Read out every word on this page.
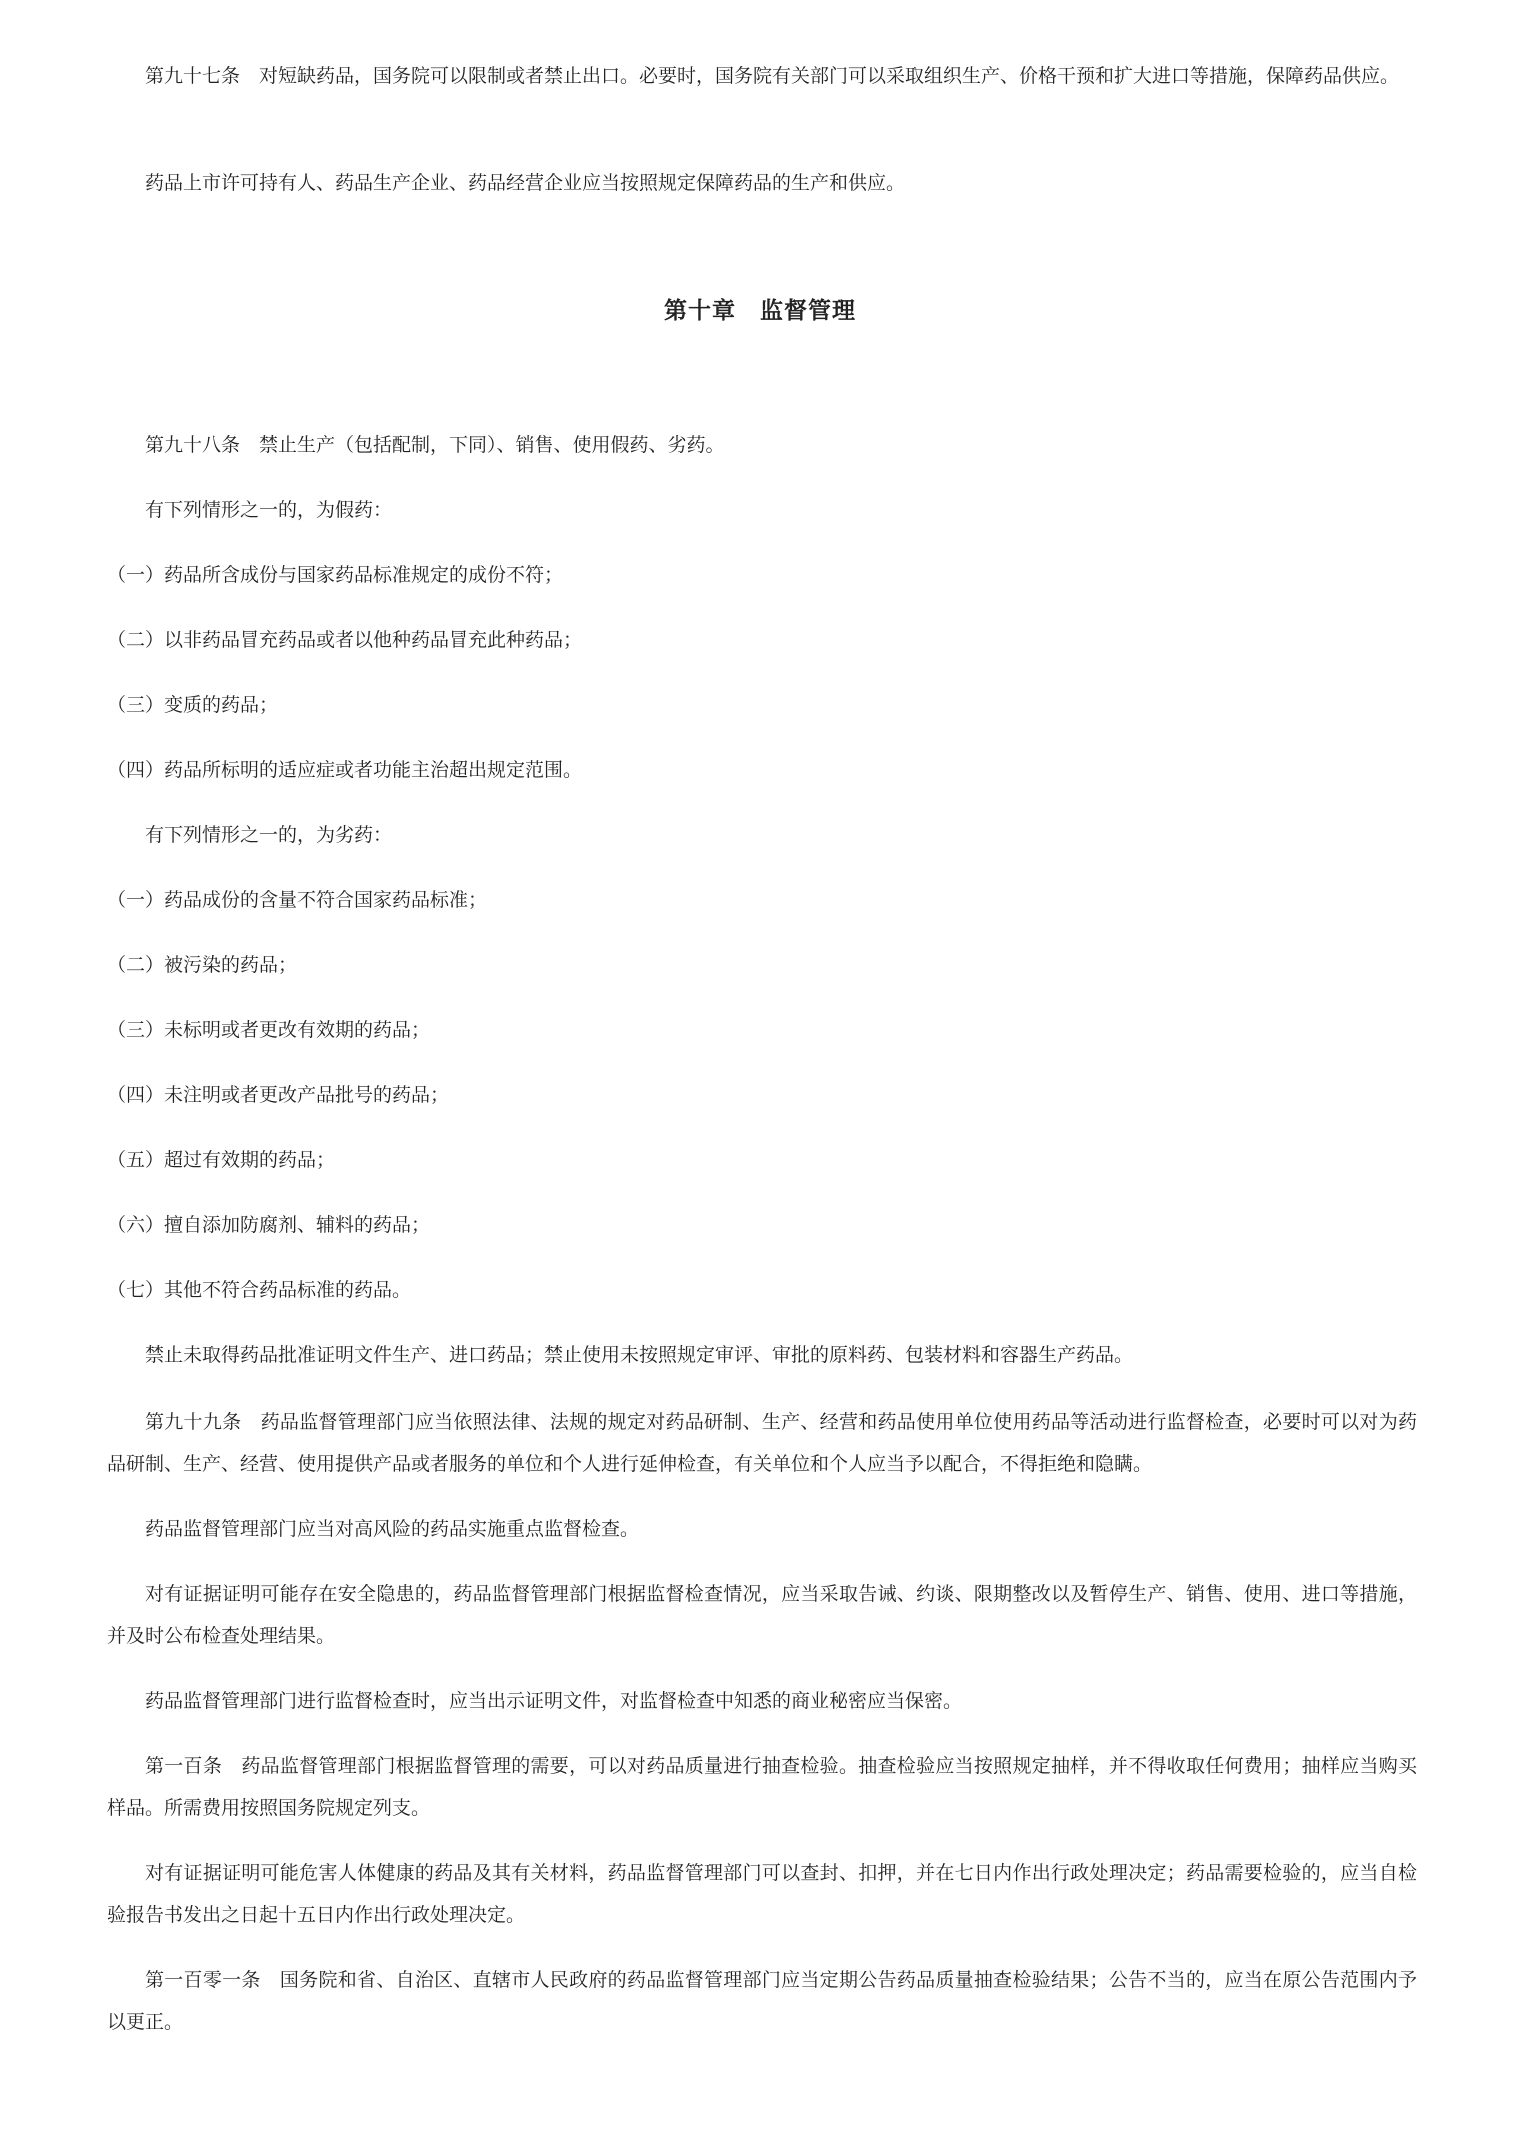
第九十七条　对短缺药品，国务院可以限制或者禁止出口。必要时，国务院有关部门可以采取组织生产、价格干预和扩大进口等措施，保障药品供应。

药品上市许可持有人、药品生产企业、药品经营企业应当按照规定保障药品的生产和供应。

第十章　监督管理

第九十八条　禁止生产（包括配制，下同）、销售、使用假药、劣药。

有下列情形之一的，为假药：

（一）药品所含成份与国家药品标准规定的成份不符；

（二）以非药品冒充药品或者以他种药品冒充此种药品；

（三）变质的药品；

（四）药品所标明的适应症或者功能主治超出规定范围。

有下列情形之一的，为劣药：

（一）药品成份的含量不符合国家药品标准；

（二）被污染的药品；

（三）未标明或者更改有效期的药品；

（四）未注明或者更改产品批号的药品；

（五）超过有效期的药品；

（六）擅自添加防腐剂、辅料的药品；

（七）其他不符合药品标准的药品。

禁止未取得药品批准证明文件生产、进口药品；禁止使用未按照规定审评、审批的原料药、包装材料和容器生产药品。

第九十九条　药品监督管理部门应当依照法律、法规的规定对药品研制、生产、经营和药品使用单位使用药品等活动进行监督检查，必要时可以对为药品研制、生产、经营、使用提供产品或者服务的单位和个人进行延伸检查，有关单位和个人应当予以配合，不得拒绝和隐瞒。

药品监督管理部门应当对高风险的药品实施重点监督检查。

对有证据证明可能存在安全隐患的，药品监督管理部门根据监督检查情况，应当采取告诫、约谈、限期整改以及暂停生产、销售、使用、进口等措施，并及时公布检查处理结果。

药品监督管理部门进行监督检查时，应当出示证明文件，对监督检查中知悉的商业秘密应当保密。

第一百条　药品监督管理部门根据监督管理的需要，可以对药品质量进行抽查检验。抽查检验应当按照规定抽样，并不得收取任何费用；抽样应当购买样品。所需费用按照国务院规定列支。

对有证据证明可能危害人体健康的药品及其有关材料，药品监督管理部门可以查封、扣押，并在七日内作出行政处理决定；药品需要检验的，应当自检验报告书发出之日起十五日内作出行政处理决定。

第一百零一条　国务院和省、自治区、直辖市人民政府的药品监督管理部门应当定期公告药品质量抽查检验结果；公告不当的，应当在原公告范围内予以更正。
